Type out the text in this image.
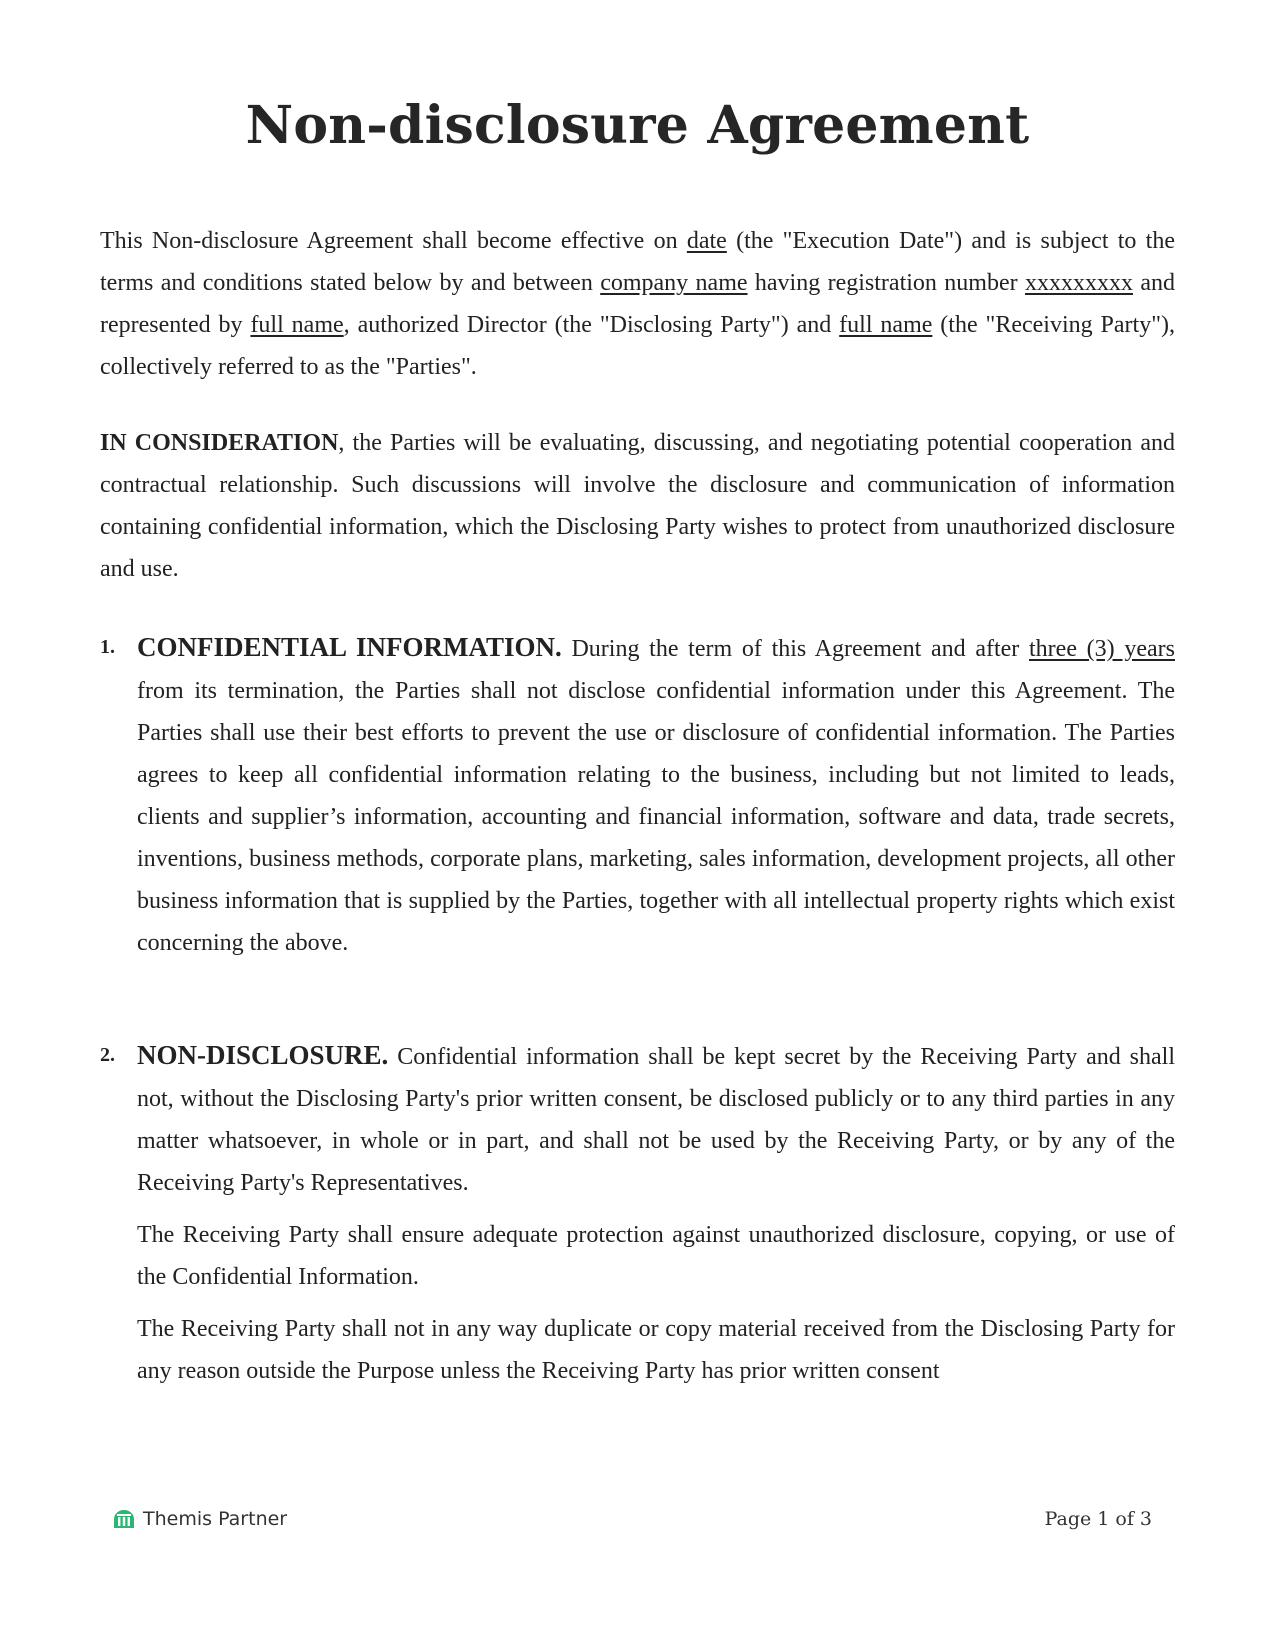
Non-disclosure Agreement

This Non-disclosure Agreement shall become effective on date (the "Execution Date") and is subject to the terms and conditions stated below by and between company name having registration number xxxxxxxxx and represented by full name, authorized Director (the "Disclosing Party") and full name (the "Receiving Party"), collectively referred to as the "Parties".

IN CONSIDERATION, the Parties will be evaluating, discussing, and negotiating potential cooperation and contractual relationship. Such discussions will involve the disclosure and communication of information containing confidential information, which the Disclosing Party wishes to protect from unauthorized disclosure and use.

1. CONFIDENTIAL INFORMATION. During the term of this Agreement and after three (3) years from its termination, the Parties shall not disclose confidential information under this Agreement. The Parties shall use their best efforts to prevent the use or disclosure of confidential information. The Parties agrees to keep all confidential information relating to the business, including but not limited to leads, clients and supplier’s information, accounting and financial information, software and data, trade secrets, inventions, business methods, corporate plans, marketing, sales information, development projects, all other business information that is supplied by the Parties, together with all intellectual property rights which exist concerning the above.

2. NON-DISCLOSURE. Confidential information shall be kept secret by the Receiving Party and shall not, without the Disclosing Party's prior written consent, be disclosed publicly or to any third parties in any matter whatsoever, in whole or in part, and shall not be used by the Receiving Party, or by any of the Receiving Party's Representatives.

The Receiving Party shall ensure adequate protection against unauthorized disclosure, copying, or use of the Confidential Information.

The Receiving Party shall not in any way duplicate or copy material received from the Disclosing Party for any reason outside the Purpose unless the Receiving Party has prior written consent

Themis Partner	Page 1 of 3
